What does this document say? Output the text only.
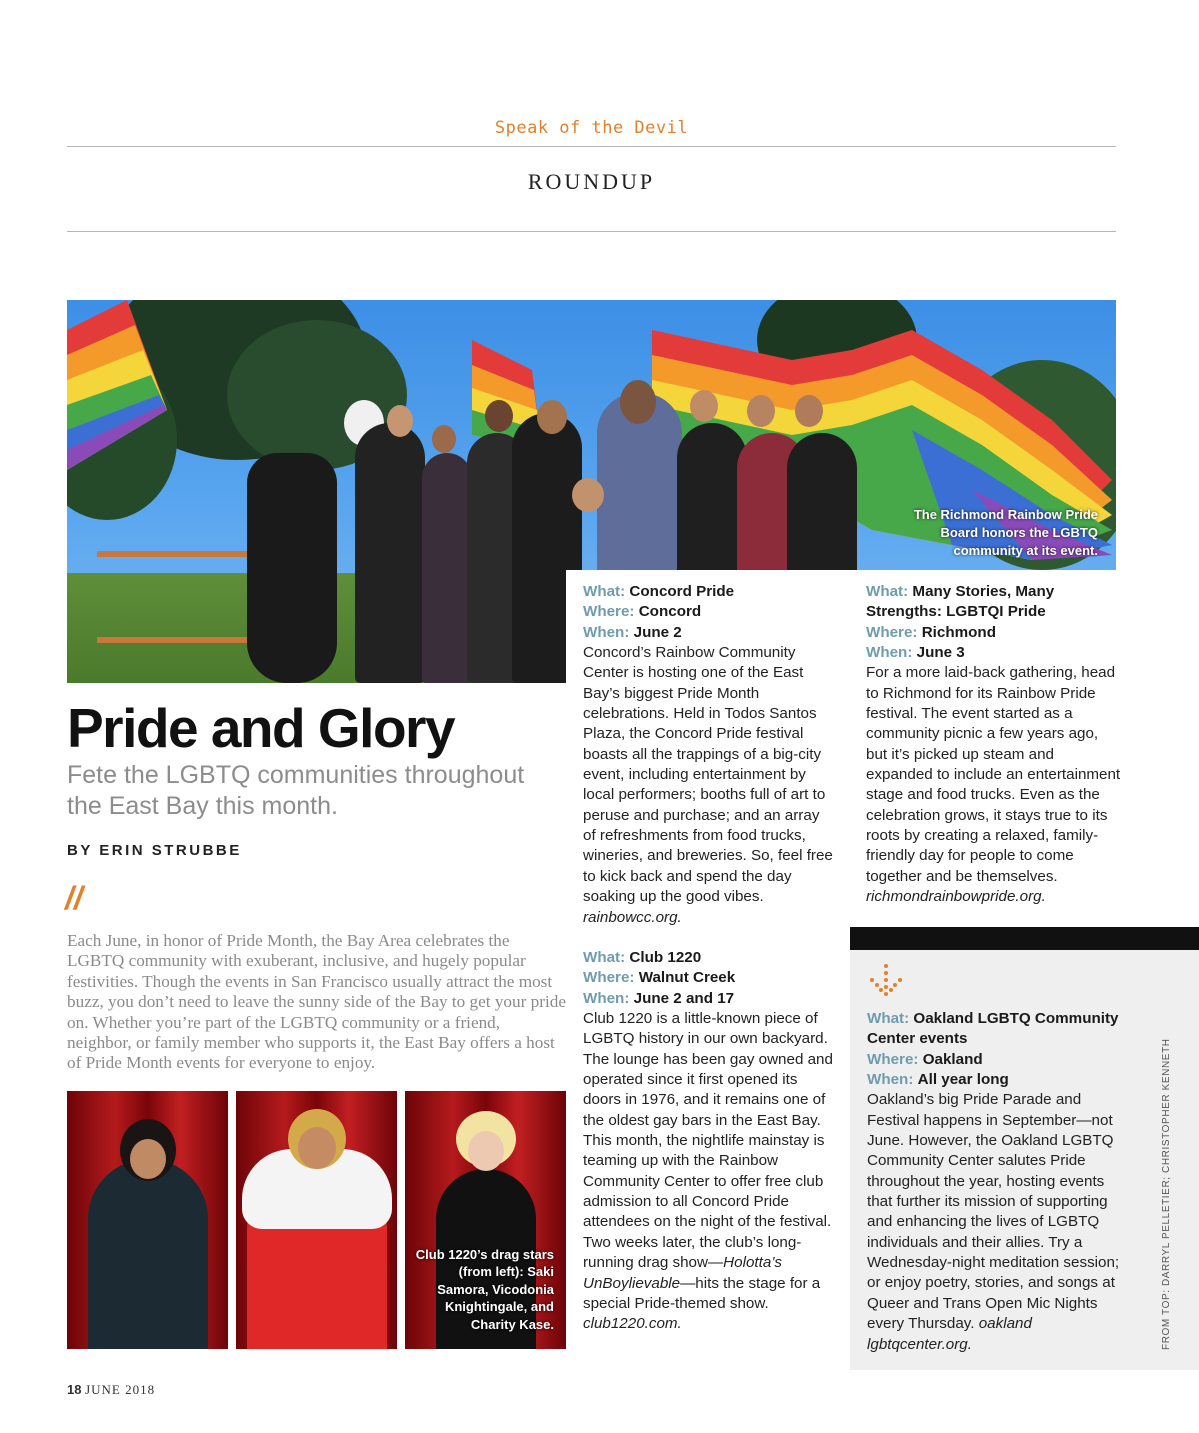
Speak of the Devil
ROUNDUP
The Richmond Rainbow Pride Board honors the LGBTQ community at its event.
Pride and Glory
Fete the LGBTQ communities throughout the East Bay this month.
BY ERIN STRUBBE
//
Each June, in honor of Pride Month, the Bay Area celebrates the LGBTQ community with exuberant, inclusive, and hugely popular festivities. Though the events in San Francisco usually attract the most buzz, you don’t need to leave the sunny side of the Bay to get your pride on. Whether you’re part of the LGBTQ community or a friend, neighbor, or family member who supports it, the East Bay offers a host of Pride Month events for everyone to enjoy.
Club 1220’s drag stars (from left): Saki Samora, Vicodonia Knightingale, and Charity Kase.

What: Concord Pride

Where: Concord

When: June 2

Concord’s Rainbow Community Center is hosting one of the East Bay’s biggest Pride Month celebrations. Held in Todos Santos Plaza, the Concord Pride festival boasts all the trappings of a big-city event, including entertainment by local performers; booths full of art to peruse and purchase; and an array of refreshments from food trucks, wineries, and breweries. So, feel free to kick back and spend the day soaking up the good vibes. rainbowcc.org.

What: Club 1220

Where: Walnut Creek

When: June 2 and 17

Club 1220 is a little-known piece of LGBTQ history in our own backyard. The lounge has been gay owned and operated since it first opened its doors in 1976, and it remains one of the oldest gay bars in the East Bay. This month, the nightlife mainstay is teaming up with the Rainbow Community Center to offer free club admission to all Concord Pride attendees on the night of the festival. Two weeks later, the club’s long-running drag show—Holotta’s UnBoylievable—hits the stage for a special Pride-themed show. club1220.com.

What: Many Stories, Many Strengths: LGBTQI Pride

Where: Richmond

When: June 3

For a more laid-back gathering, head to Richmond for its Rainbow Pride festival. The event started as a community picnic a few years ago, but it’s picked up steam and expanded to include an entertainment stage and food trucks. Even as the celebration grows, it stays true to its roots by creating a relaxed, family-friendly day for people to come together and be themselves. richmondrainbowpride.org.

What: Oakland LGBTQ Community Center events

Where: Oakland

When: All year long

Oakland’s big Pride Parade and Festival happens in September—not June. However, the Oakland LGBTQ Community Center salutes Pride throughout the year, hosting events that further its mission of supporting and enhancing the lives of LGBTQ individuals and their allies. Try a Wednesday-night meditation session; or enjoy poetry, stories, and songs at Queer and Trans Open Mic Nights every Thursday. oakland lgbtqcenter.org.	FROM TOP: DARRYL PELLETIER; CHRISTOPHER KENNETH
18 JUNE 2018
